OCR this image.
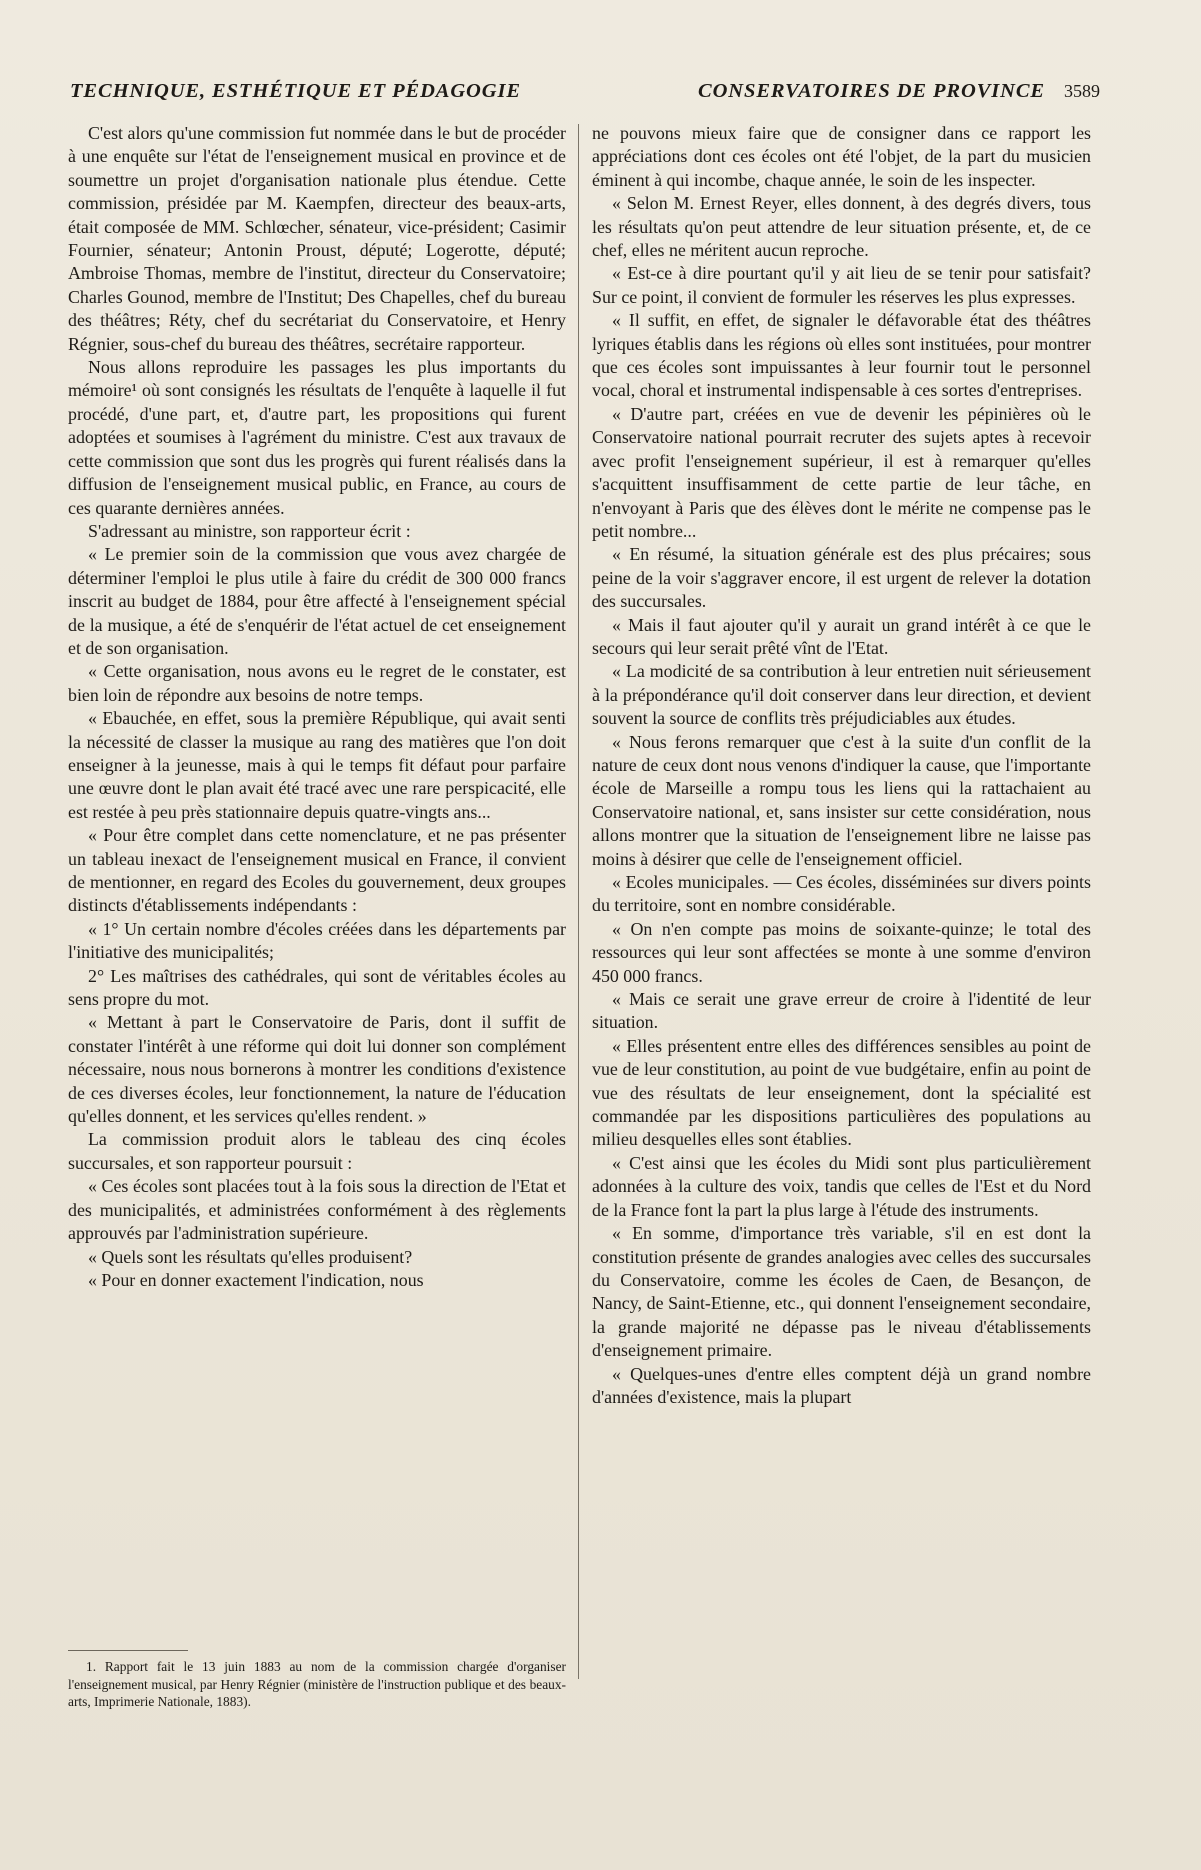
TECHNIQUE, ESTHÉTIQUE ET PÉDAGOGIE	CONSERVATOIRES DE PROVINCE 3589

C'est alors qu'une commission fut nommée dans le but de procéder à une enquête sur l'état de l'enseignement musical en province et de soumettre un projet d'organisation nationale plus étendue. Cette commission, présidée par M. Kaempfen, directeur des beaux-arts, était composée de MM. Schlœcher, sénateur, vice-président; Casimir Fournier, sénateur; Antonin Proust, député; Logerotte, député; Ambroise Thomas, membre de l'institut, directeur du Conservatoire; Charles Gounod, membre de l'Institut; Des Chapelles, chef du bureau des théâtres; Réty, chef du secrétariat du Conservatoire, et Henry Régnier, sous-chef du bureau des théâtres, secrétaire rapporteur.

Nous allons reproduire les passages les plus importants du mémoire¹ où sont consignés les résultats de l'enquête à laquelle il fut procédé, d'une part, et, d'autre part, les propositions qui furent adoptées et soumises à l'agrément du ministre. C'est aux travaux de cette commission que sont dus les progrès qui furent réalisés dans la diffusion de l'enseignement musical public, en France, au cours de ces quarante dernières années.

S'adressant au ministre, son rapporteur écrit :

« Le premier soin de la commission que vous avez chargée de déterminer l'emploi le plus utile à faire du crédit de 300 000 francs inscrit au budget de 1884, pour être affecté à l'enseignement spécial de la musique, a été de s'enquérir de l'état actuel de cet enseignement et de son organisation.

« Cette organisation, nous avons eu le regret de le constater, est bien loin de répondre aux besoins de notre temps.

« Ebauchée, en effet, sous la première République, qui avait senti la nécessité de classer la musique au rang des matières que l'on doit enseigner à la jeunesse, mais à qui le temps fit défaut pour parfaire une œuvre dont le plan avait été tracé avec une rare perspicacité, elle est restée à peu près stationnaire depuis quatre-vingts ans...

« Pour être complet dans cette nomenclature, et ne pas présenter un tableau inexact de l'enseignement musical en France, il convient de mentionner, en regard des Ecoles du gouvernement, deux groupes distincts d'établissements indépendants :

« 1° Un certain nombre d'écoles créées dans les départements par l'initiative des municipalités;

2° Les maîtrises des cathédrales, qui sont de véritables écoles au sens propre du mot.

« Mettant à part le Conservatoire de Paris, dont il suffit de constater l'intérêt à une réforme qui doit lui donner son complément nécessaire, nous nous bornerons à montrer les conditions d'existence de ces diverses écoles, leur fonctionnement, la nature de l'éducation qu'elles donnent, et les services qu'elles rendent. »

La commission produit alors le tableau des cinq écoles succursales, et son rapporteur poursuit :

« Ces écoles sont placées tout à la fois sous la direction de l'Etat et des municipalités, et administrées conformément à des règlements approuvés par l'administration supérieure.

« Quels sont les résultats qu'elles produisent?

« Pour en donner exactement l'indication, nous

ne pouvons mieux faire que de consigner dans ce rapport les appréciations dont ces écoles ont été l'objet, de la part du musicien éminent à qui incombe, chaque année, le soin de les inspecter.

« Selon M. Ernest Reyer, elles donnent, à des degrés divers, tous les résultats qu'on peut attendre de leur situation présente, et, de ce chef, elles ne méritent aucun reproche.

« Est-ce à dire pourtant qu'il y ait lieu de se tenir pour satisfait? Sur ce point, il convient de formuler les réserves les plus expresses.

« Il suffit, en effet, de signaler le défavorable état des théâtres lyriques établis dans les régions où elles sont instituées, pour montrer que ces écoles sont impuissantes à leur fournir tout le personnel vocal, choral et instrumental indispensable à ces sortes d'entreprises.

« D'autre part, créées en vue de devenir les pépinières où le Conservatoire national pourrait recruter des sujets aptes à recevoir avec profit l'enseignement supérieur, il est à remarquer qu'elles s'acquittent insuffisamment de cette partie de leur tâche, en n'envoyant à Paris que des élèves dont le mérite ne compense pas le petit nombre...

« En résumé, la situation générale est des plus précaires; sous peine de la voir s'aggraver encore, il est urgent de relever la dotation des succursales.

« Mais il faut ajouter qu'il y aurait un grand intérêt à ce que le secours qui leur serait prêté vînt de l'Etat.

« La modicité de sa contribution à leur entretien nuit sérieusement à la prépondérance qu'il doit conserver dans leur direction, et devient souvent la source de conflits très préjudiciables aux études.

« Nous ferons remarquer que c'est à la suite d'un conflit de la nature de ceux dont nous venons d'indiquer la cause, que l'importante école de Marseille a rompu tous les liens qui la rattachaient au Conservatoire national, et, sans insister sur cette considération, nous allons montrer que la situation de l'enseignement libre ne laisse pas moins à désirer que celle de l'enseignement officiel.

« Ecoles municipales. — Ces écoles, disséminées sur divers points du territoire, sont en nombre considérable.

« On n'en compte pas moins de soixante-quinze; le total des ressources qui leur sont affectées se monte à une somme d'environ 450 000 francs.

« Mais ce serait une grave erreur de croire à l'identité de leur situation.

« Elles présentent entre elles des différences sensibles au point de vue de leur constitution, au point de vue budgétaire, enfin au point de vue des résultats de leur enseignement, dont la spécialité est commandée par les dispositions particulières des populations au milieu desquelles elles sont établies.

« C'est ainsi que les écoles du Midi sont plus particulièrement adonnées à la culture des voix, tandis que celles de l'Est et du Nord de la France font la part la plus large à l'étude des instruments.

« En somme, d'importance très variable, s'il en est dont la constitution présente de grandes analogies avec celles des succursales du Conservatoire, comme les écoles de Caen, de Besançon, de Nancy, de Saint-Etienne, etc., qui donnent l'enseignement secondaire, la grande majorité ne dépasse pas le niveau d'établissements d'enseignement primaire.

« Quelques-unes d'entre elles comptent déjà un grand nombre d'années d'existence, mais la plupart

1. Rapport fait le 13 juin 1883 au nom de la commission chargée d'organiser l'enseignement musical, par Henry Régnier (ministère de l'instruction publique et des beaux-arts, Imprimerie Nationale, 1883).
